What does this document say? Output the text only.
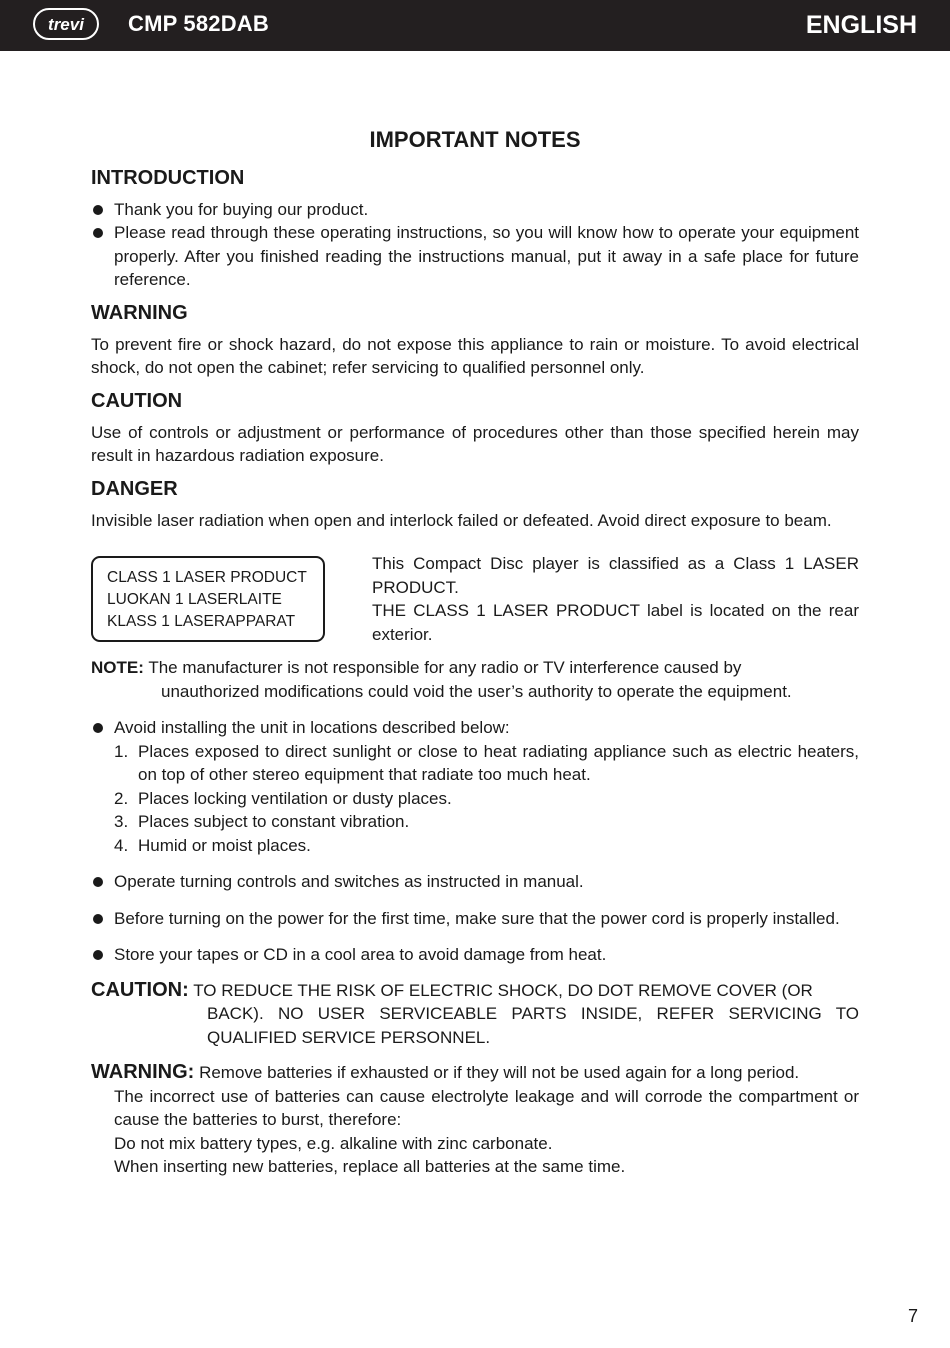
trevi CMP 582DAB	ENGLISH
IMPORTANT NOTES
INTRODUCTION
Thank you for buying our product.
Please read through these operating instructions, so you will know how to operate your equipment properly. After you finished reading the instructions manual, put it away in a safe place for future reference.
WARNING

To prevent fire or shock hazard, do not expose this appliance to rain or moisture. To avoid electrical shock, do not open the cabinet; refer servicing to qualified personnel only.

CAUTION

Use of controls or adjustment or performance of procedures other than those specified herein may result in hazardous radiation exposure.

DANGER

Invisible laser radiation when open and interlock failed or defeated. Avoid direct exposure to beam.

CLASS 1 LASER PRODUCT
LUOKAN 1 LASERLAITE
KLASS 1 LASERAPPARAT
This Compact Disc player is classified as a Class 1 LASER PRODUCT.
THE CLASS 1 LASER PRODUCT label is located on the rear exterior.
NOTE: The manufacturer is not responsible for any radio or TV interference caused by
unauthorized modifications could void the user’s authority to operate the equipment.
Avoid installing the unit in locations described below:
1. Places exposed to direct sunlight or close to heat radiating appliance such as electric heaters, on top of other stereo equipment that radiate too much heat.
2. Places locking ventilation or dusty places.
3. Places subject to constant vibration.
4. Humid or moist places.
Operate turning controls and switches as instructed in manual.
Before turning on the power for the first time, make sure that the power cord is properly installed.
Store your tapes or CD in a cool area to avoid damage from heat.
CAUTION: TO REDUCE THE RISK OF ELECTRIC SHOCK, DO DOT REMOVE COVER (OR
BACK). NO USER SERVICEABLE PARTS INSIDE, REFER SERVICING TO QUALIFIED SERVICE PERSONNEL.
WARNING: Remove batteries if exhausted or if they will not be used again for a long period.
The incorrect use of batteries can cause electrolyte leakage and will corrode the compartment or cause the batteries to burst, therefore:
Do not mix battery types, e.g. alkaline with zinc carbonate.
When inserting new batteries, replace all batteries at the same time.
7
